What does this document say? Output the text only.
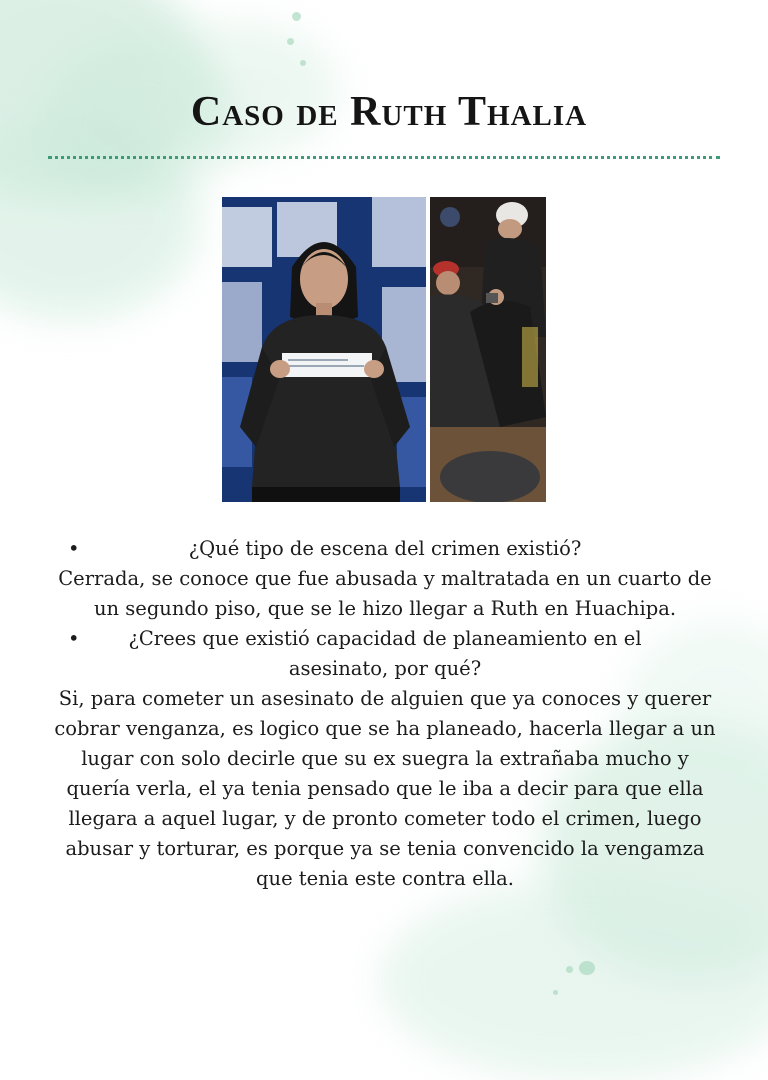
Caso de Ruth Thalia
•	¿Qué tipo de escena del crimen existió?
Cerrada, se conoce que fue abusada y maltratada en un cuarto de un segundo piso, que se le hizo llegar a Ruth en Huachipa.
•	¿Crees que existió capacidad de planeamiento en el asesinato, por qué?
Si, para cometer un asesinato de alguien que ya conoces y querer cobrar venganza, es logico que se ha planeado, hacerla llegar a un lugar con solo decirle que su ex suegra la extrañaba mucho y quería verla, el ya tenia pensado que le iba a decir para que ella llegara a aquel lugar, y de pronto cometer todo el crimen, luego abusar y torturar, es porque ya se tenia convencido la vengamza que tenia este contra ella.
